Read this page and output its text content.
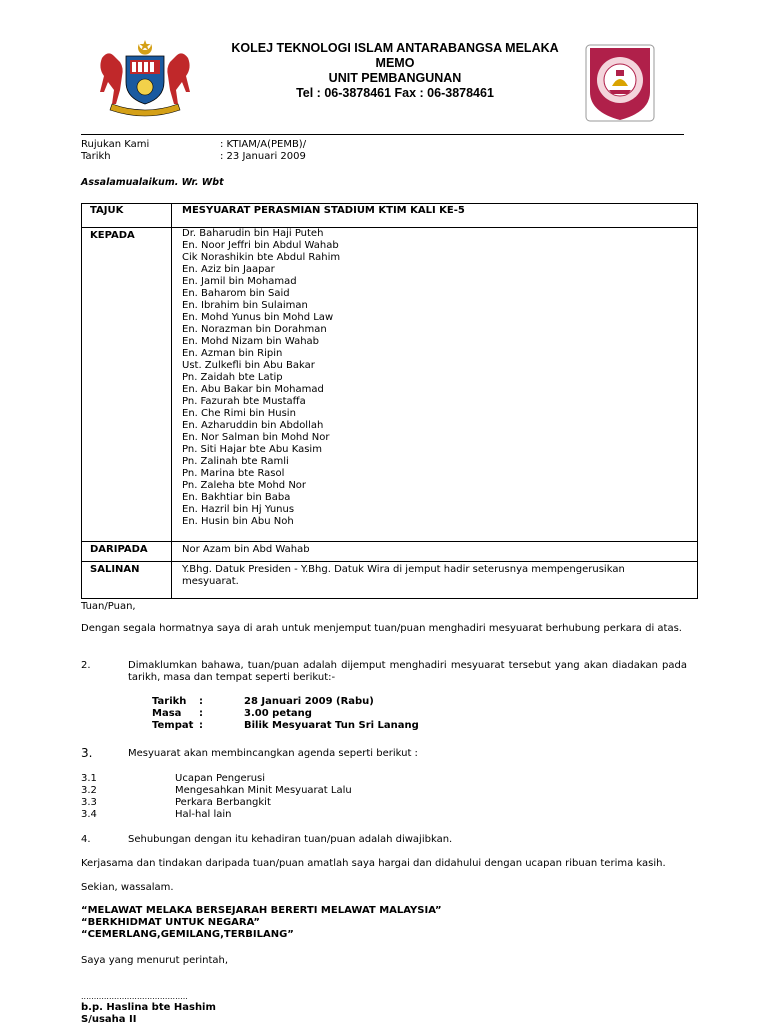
KOLEJ TEKNOLOGI ISLAM ANTARABANGSA MELAKA
MEMO
UNIT PEMBANGUNAN
Tel : 06-3878461 Fax : 06-3878461
Rujukan Kami	: KTIAM/A(PEMB)/
Tarikh	: 23 Januari 2009
Assalamualaikum. Wr. Wbt
TAJUK	MESYUARAT PERASMIAN STADIUM KTIM KALI KE-5
KEPADA	Dr. Baharudin bin Haji Puteh
En. Noor Jeffri bin Abdul Wahab
Cik Norashikin bte Abdul Rahim
En. Aziz bin Jaapar
En. Jamil bin Mohamad
En. Baharom bin Said
En. Ibrahim bin Sulaiman
En. Mohd Yunus bin Mohd Law
En. Norazman bin Dorahman
En. Mohd Nizam bin Wahab
En. Azman bin Ripin
Ust. Zulkefli bin Abu Bakar
Pn. Zaidah bte Latip
En. Abu Bakar bin Mohamad
Pn. Fazurah bte Mustaffa
En. Che Rimi bin Husin
En. Azharuddin bin Abdollah
En. Nor Salman bin Mohd Nor
Pn. Siti Hajar bte Abu Kasim
Pn. Zalinah bte Ramli
Pn. Marina bte Rasol
Pn. Zaleha bte Mohd Nor
En. Bakhtiar bin Baba
En. Hazril bin Hj Yunus
En. Husin bin Abu Noh
DARIPADA	Nor Azam bin Abd Wahab
SALINAN	Y.Bhg. Datuk Presiden - Y.Bhg. Datuk Wira di jemput hadir seterusnya mempengerusikan mesyuarat.
Tuan/Puan,
Dengan segala hormatnya saya di arah untuk menjemput tuan/puan menghadiri mesyuarat berhubung perkara di atas.
2.	Dimaklumkan bahawa, tuan/puan adalah dijemput menghadiri mesyuarat tersebut yang akan diadakan pada tarikh, masa dan tempat seperti berikut:-
Tarikh :	28 Januari 2009 (Rabu)
Masa :	3.00 petang
Tempat :	Bilik Mesyuarat Tun Sri Lanang
3.	Mesyuarat akan membincangkan agenda seperti berikut :
3.1	Ucapan Pengerusi
3.2	Mengesahkan Minit Mesyuarat Lalu
3.3	Perkara Berbangkit
3.4	Hal-hal lain
4.	Sehubungan dengan itu kehadiran tuan/puan adalah diwajibkan.
Kerjasama dan tindakan daripada tuan/puan amatlah saya hargai dan didahului dengan ucapan ribuan terima kasih.
Sekian, wassalam.
“MELAWAT MELAKA BERSEJARAH BERERTI MELAWAT MALAYSIA”
“BERKHIDMAT UNTUK NEGARA”
“CEMERLANG,GEMILANG,TERBILANG”
Saya yang menurut perintah,
..........................................
b.p. Haslina bte Hashim
S/usaha II
